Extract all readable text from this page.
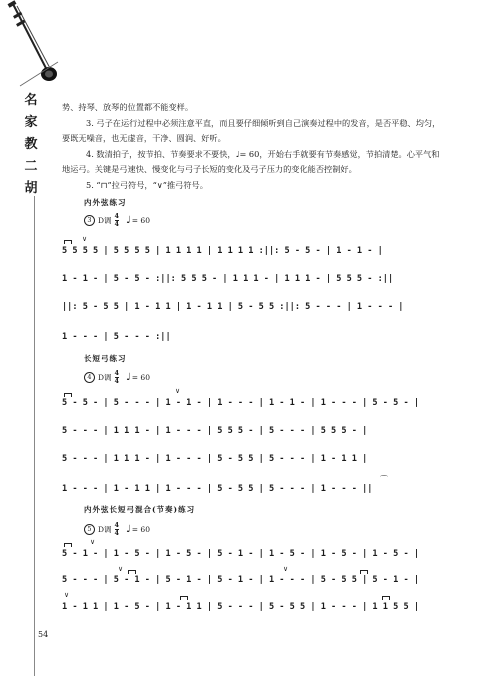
名
家
教
二
胡
54

势、持琴、放琴的位置都不能变样。

3. 弓子在运行过程中必须注意平直，而且要仔细倾听到自己演奏过程中的发音，是否平稳、均匀，要既无噪音，也无虚音，干净、圆润、好听。

4. 数清拍子，按节拍、节奏要求不要快，♩= 60，开始右手就要有节奏感觉，节拍清楚。心平气和地运弓。关键是弓速快、慢变化与弓子长短的变化及弓子压力的变化能否控制好。

5. “⊓”拉弓符号，“∨”推弓符号。

内外弦练习
3 D调 $\frac{4}{4}$ ♩ = 60
∨
5 5 5 5 | 5 5 5 5 | 1 1 1 1 | 1 1 1 1 :||: 5 - 5 - | 1 - 1 - |
1 - 1 - | 5 - 5 - :||: 5 5 5 - | 1 1 1 - | 1 1 1 - | 5 5 5 - :||
||: 5 - 5 5 | 1 - 1 1 | 1 - 1 1 | 5 - 5 5 :||: 5 - - - | 1 - - - |
1 - - - | 5 - - - :||
长短弓练习
4 D调 $\frac{4}{4}$ ♩ = 60
∨
5 - 5 - | 5 - - - | 1 - 1 - | 1 - - - | 1 - 1 - | 1 - - - | 5 - 5 - |
5 - - - | 1 1 1 - | 1 - - - | 5 5 5 - | 5 - - - | 5 5 5 - |
5 - - - | 1 1 1 - | 1 - - - | 5 - 5 5 | 5 - - - | 1 - 1 1 |
⌒
1 - - - | 1 - 1 1 | 1 - - - | 5 - 5 5 | 5 - - - | 1 - - - ||
内外弦长短弓混合(节奏)练习
5 D调 $\frac{4}{4}$ ♩ = 60
∨
5 - 1 - | 1 - 5 - | 1 - 5 - | 5 - 1 - | 1 - 5 - | 1 - 5 - | 1 - 5 - |
∨	∨
5 - - - | 5 - 1 - | 5 - 1 - | 5 - 1 - | 1 - - - | 5 - 5 5 | 5 - 1 - |
∨
1 - 1 1 | 1 - 5 - | 1 - 1 1 | 5 - - - | 5 - 5 5 | 1 - - - | 1 1 5 5 |
